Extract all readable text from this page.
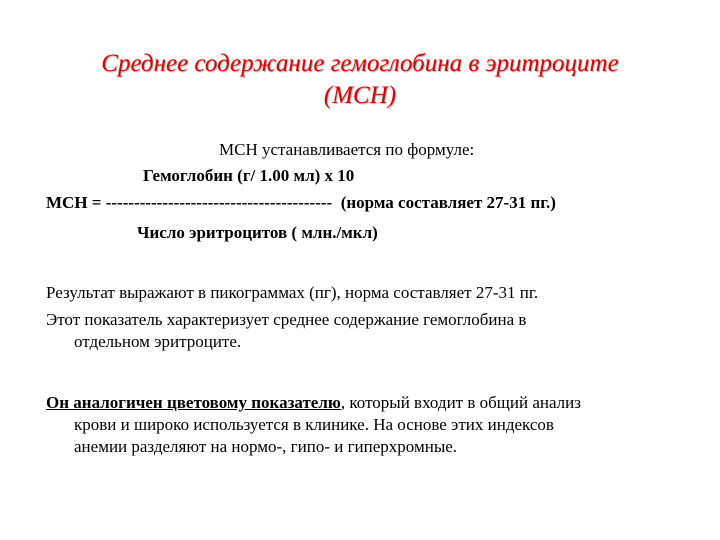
Среднее содержание гемоглобина в эритроците
(MCH)
MCH устанавливается по формуле:
Гемоглобин (г/ 1.00 мл) х 10
МСН = ---------------------------------------- (норма составляет 27-31 пг.)
Число эритроцитов ( млн./мкл)
Результат выражают в пикограммах (пг), норма составляет 27-31 пг.
Этот показатель характеризует среднее содержание гемоглобина в
отдельном эритроците.
Он аналогичен цветовому показателю, который входит в общий анализ
крови и широко используется в клинике. На основе этих индексов
анемии разделяют на нормо-, гипо- и гиперхромные.
